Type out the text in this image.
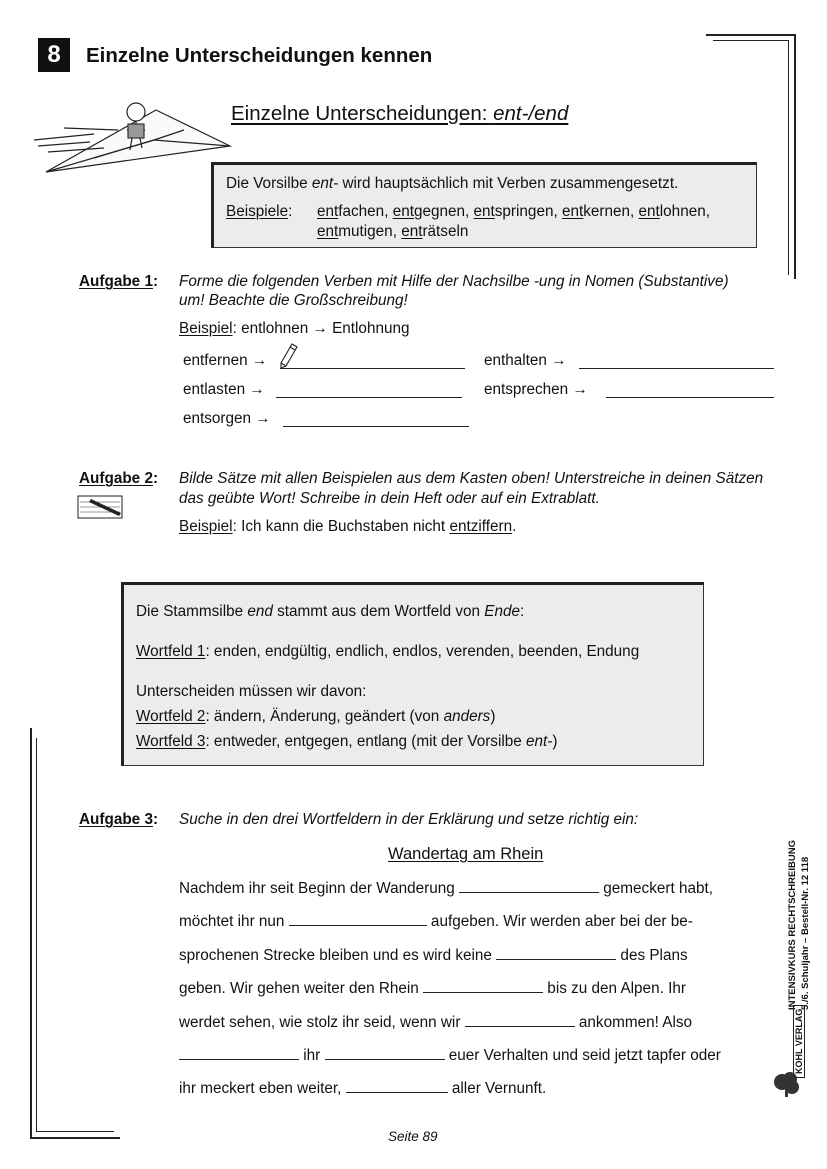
8	Einzelne Unterscheidungen kennen
Einzelne Unterscheidungen: ent-/end
Die Vorsilbe ent- wird hauptsächlich mit Verben zusammengesetzt.
Beispiele: entfachen, entgegnen, entspringen, entkernen, entlohnen,
entmutigen, enträtseln
Aufgabe 1: Forme die folgenden Verben mit Hilfe der Nachsilbe -ung in Nomen (Substantive)
um! Beachte die Großschreibung!
Beispiel: entlohnen → Entlohnung
entfernen →	enthalten →
entlasten →	entsprechen →
entsorgen →
Aufgabe 2: Bilde Sätze mit allen Beispielen aus dem Kasten oben! Unterstreiche in deinen Sätzen
das geübte Wort! Schreibe in dein Heft oder auf ein Extrablatt.
Beispiel: Ich kann die Buchstaben nicht entziffern.
Die Stammsilbe end stammt aus dem Wortfeld von Ende:
Wortfeld 1: enden, endgültig, endlich, endlos, verenden, beenden, Endung
Unterscheiden müssen wir davon:
Wortfeld 2: ändern, Änderung, geändert (von anders)
Wortfeld 3: entweder, entgegen, entlang (mit der Vorsilbe ent-)
Aufgabe 3: Suche in den drei Wortfeldern in der Erklärung und setze richtig ein:
Wandertag am Rhein
Nachdem ihr seit Beginn der Wanderung	gemeckert habt,
möchtet ihr nun	aufgeben. Wir werden aber bei der be-
sprochenen Strecke bleiben und es wird keine	des Plans
geben. Wir gehen weiter den Rhein	bis zu den Alpen. Ihr
werdet sehen, wie stolz ihr seid, wenn wir	ankommen! Also
ihr	euer Verhalten und seid jetzt tapfer oder
ihr meckert eben weiter,	aller Vernunft.
INTENSIVKURS RECHTSCHREIBUNG 5./6. Schuljahr – Bestell-Nr. 12 118
KOHL VERLAG
Seite 89
